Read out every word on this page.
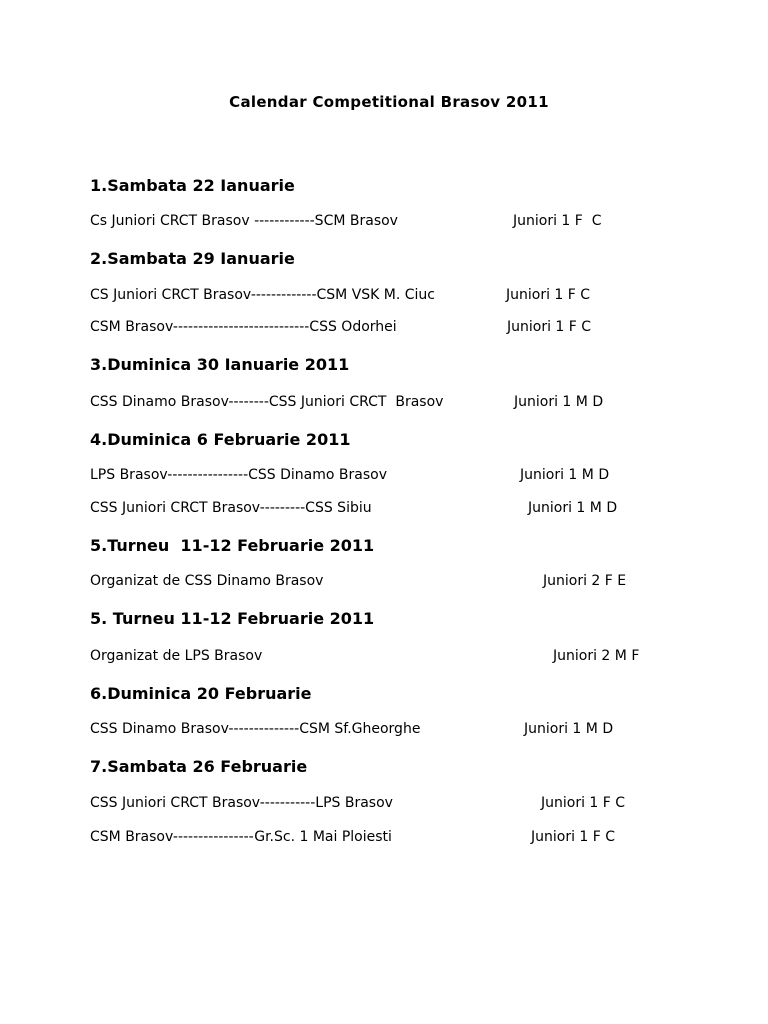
Calendar Competitional Brasov 2011
1.Sambata 22 Ianuarie
Cs Juniori CRCT Brasov ------------SCM Brasov	Juniori 1 F  C
2.Sambata 29 Ianuarie
CS Juniori CRCT Brasov-------------CSM VSK M. Ciuc	Juniori 1 F C
CSM Brasov---------------------------CSS Odorhei	Juniori 1 F C
3.Duminica 30 Ianuarie 2011
CSS Dinamo Brasov--------CSS Juniori CRCT  Brasov	Juniori 1 M D
4.Duminica 6 Februarie 2011
LPS Brasov----------------CSS Dinamo Brasov	Juniori 1 M D
CSS Juniori CRCT Brasov---------CSS Sibiu	Juniori 1 M D
5.Turneu  11-12 Februarie 2011
Organizat de CSS Dinamo Brasov	Juniori 2 F E
5. Turneu 11-12 Februarie 2011
Organizat de LPS Brasov	Juniori 2 M F
6.Duminica 20 Februarie
CSS Dinamo Brasov--------------CSM Sf.Gheorghe	Juniori 1 M D
7.Sambata 26 Februarie
CSS Juniori CRCT Brasov-----------LPS Brasov	Juniori 1 F C
CSM Brasov----------------Gr.Sc. 1 Mai Ploiesti	Juniori 1 F C
